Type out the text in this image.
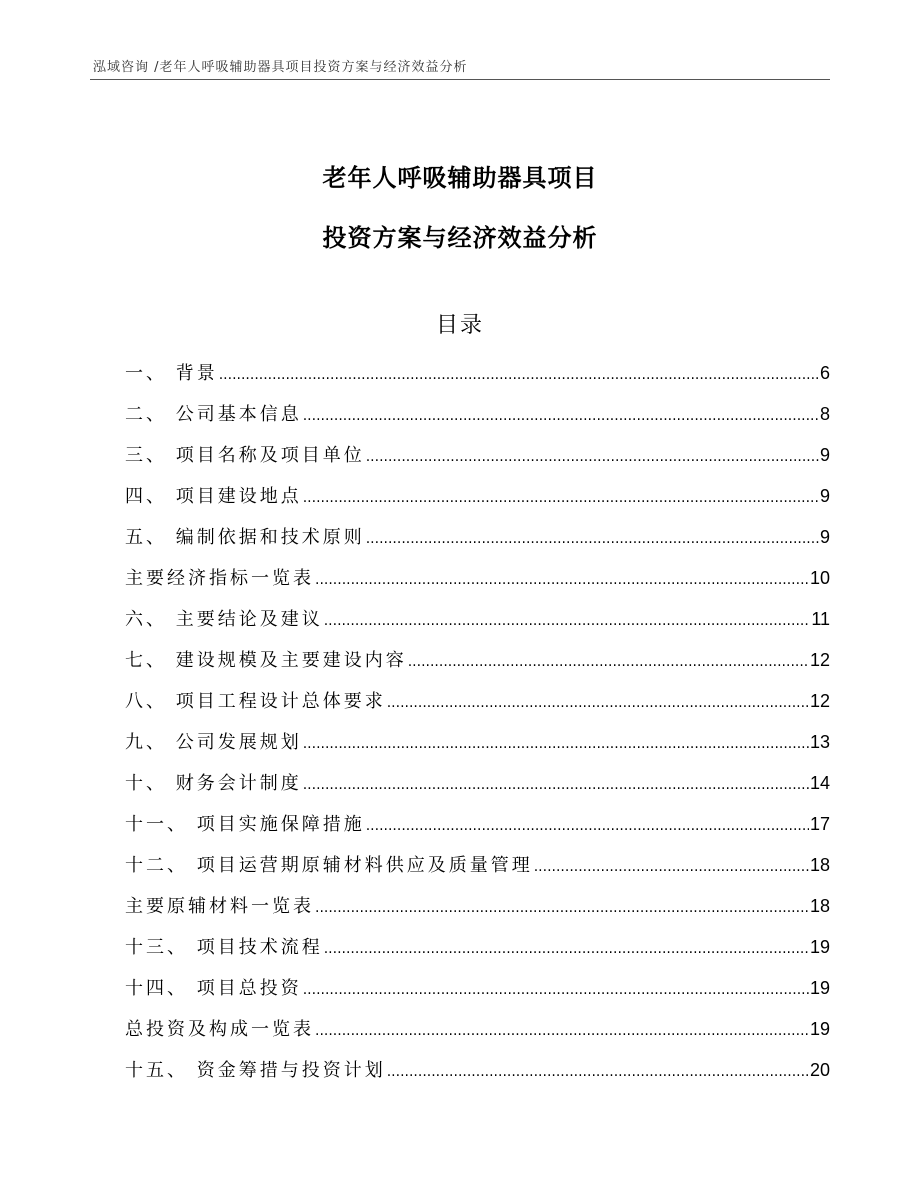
泓域咨询 /老年人呼吸辅助器具项目投资方案与经济效益分析
老年人呼吸辅助器具项目
投资方案与经济效益分析
目录
一、 背景 .....	6
二、 公司基本信息 .....	8
三、 项目名称及项目单位 .....	9
四、 项目建设地点 .....	9
五、 编制依据和技术原则 .....	9
主要经济指标一览表 .....	10
六、 主要结论及建议 .....	11
七、 建设规模及主要建设内容 .....	12
八、 项目工程设计总体要求 .....	12
九、 公司发展规划 .....	13
十、 财务会计制度 .....	14
十一、 项目实施保障措施 .....	17
十二、 项目运营期原辅材料供应及质量管理 .....	18
主要原辅材料一览表 .....	18
十三、 项目技术流程 .....	19
十四、 项目总投资 .....	19
总投资及构成一览表 .....	19
十五、 资金筹措与投资计划 .....	20
